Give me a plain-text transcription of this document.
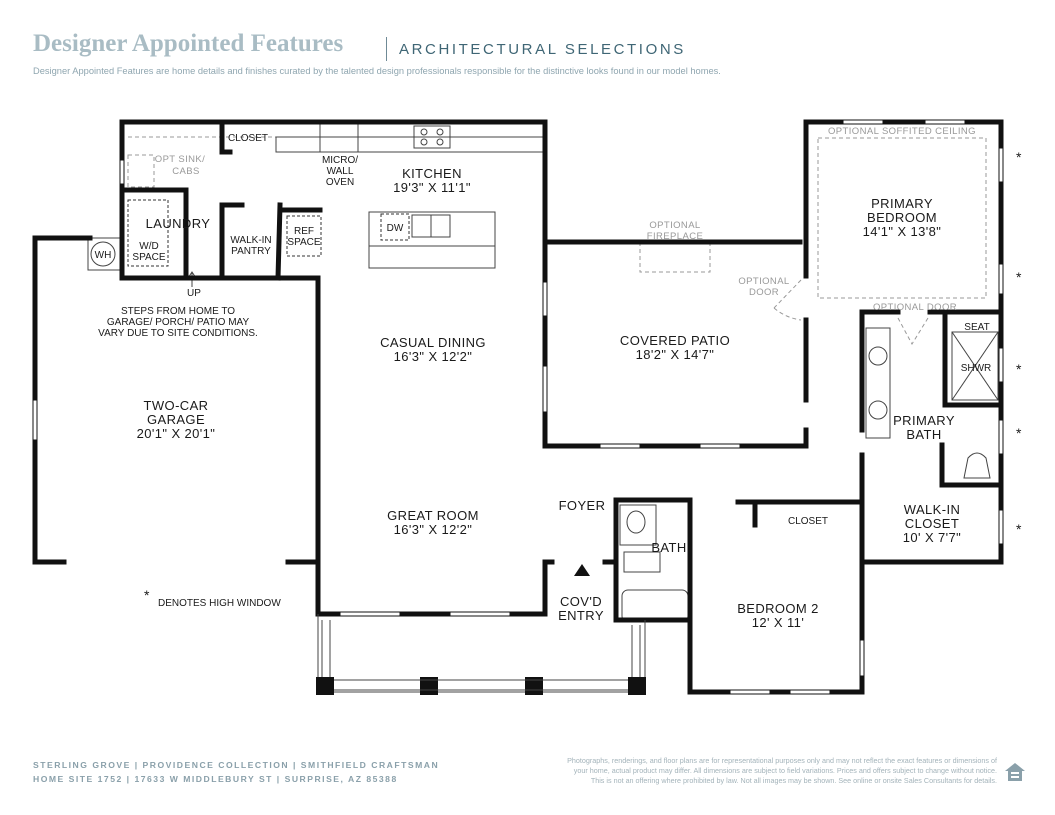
Designer Appointed Features	ARCHITECTURAL SELECTIONS
Designer Appointed Features are home details and finishes curated by the talented design professionals responsible for the distinctive looks found in our model homes.
CLOSET
OPT SINK/
CABS
MICRO/
WALL
OVEN
KITCHEN
19'3" X 11'1"
LAUNDRY
W/D
SPACE
WH
WALK-IN
PANTRY
REF
SPACE
DW
UP
STEPS FROM HOME TO
GARAGE/ PORCH/ PATIO MAY
VARY DUE TO SITE CONDITIONS.
CASUAL DINING
16'3" X 12'2"
TWO-CAR
GARAGE
20'1" X 20'1"
GREAT ROOM
16'3" X 12'2"
FOYER
BATH
COV'D
ENTRY
OPTIONAL
FIREPLACE
COVERED PATIO
18'2" X 14'7"
OPTIONAL
DOOR
OPTIONAL SOFFITED CEILING
PRIMARY
BEDROOM
14'1" X 13'8"
OPTIONAL DOOR
SEAT
SHWR
PRIMARY
BATH
CLOSET
WALK-IN
CLOSET
10' X 7'7"
BEDROOM 2
12' X 11'
*
*
*
*
*
*
DENOTES HIGH WINDOW
STERLING GROVE | PROVIDENCE COLLECTION | SMITHFIELD CRAFTSMAN
HOME SITE 1752 | 17633 W MIDDLEBURY ST | SURPRISE, AZ 85388
Photographs, renderings, and floor plans are for representational purposes only and may not reflect the exact features or dimensions of
your home, actual product may differ. All dimensions are subject to field variations. Prices and offers subject to change without notice.
This is not an offering where prohibited by law. Not all images may be shown. See online or onsite Sales Consultants for details.
